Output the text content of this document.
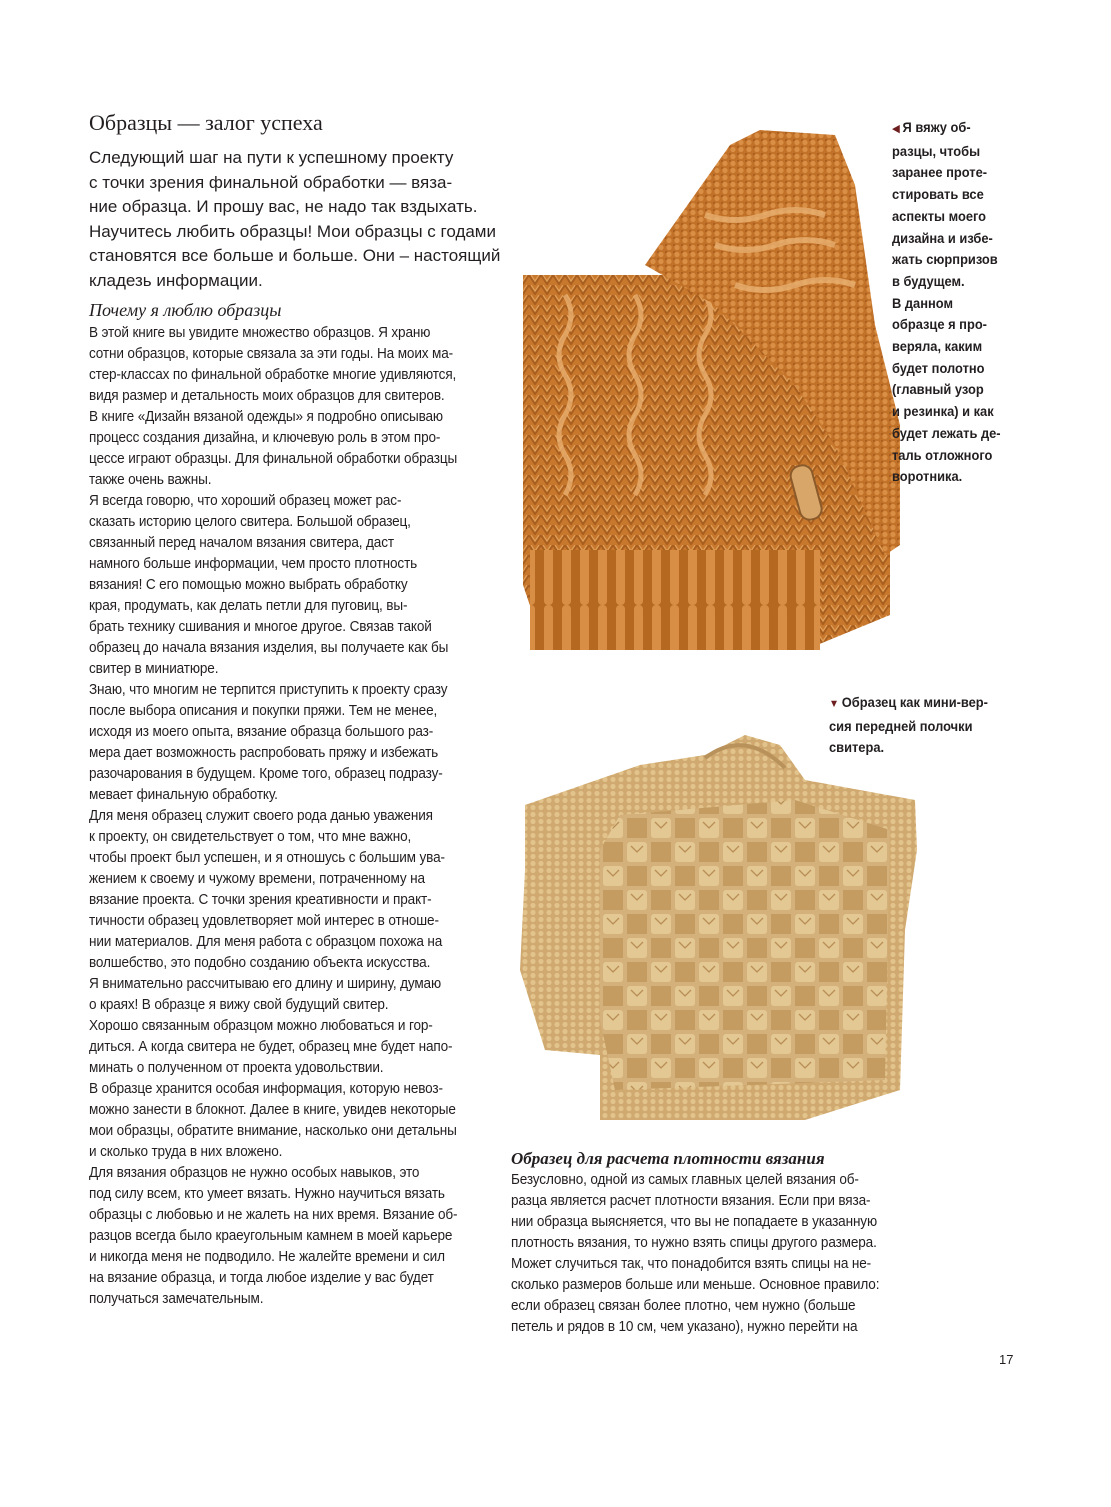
Образцы — залог успеха
Следующий шаг на пути к успешному проекту
с точки зрения финальной обработки — вяза-
ние образца. И прошу вас, не надо так вздыхать.
Научитесь любить образцы! Мои образцы с годами
становятся все больше и больше. Они – настоящий
кладезь информации.
Почему я люблю образцы
В этой книге вы увидите множество образцов. Я храню
сотни образцов, которые связала за эти годы. На моих ма-
стер-классах по финальной обработке многие удивляются,
видя размер и детальность моих образцов для свитеров.
В книге «Дизайн вязаной одежды» я подробно описываю
процесс создания дизайна, и ключевую роль в этом про-
цессе играют образцы. Для финальной обработки образцы
также очень важны.
Я всегда говорю, что хороший образец может рас-
сказать историю целого свитера. Большой образец,
связанный перед началом вязания свитера, даст
намного больше информации, чем просто плотность
вязания! С его помощью можно выбрать обработку
края, продумать, как делать петли для пуговиц, вы-
брать технику сшивания и многое другое. Связав такой
образец до начала вязания изделия, вы получаете как бы
свитер в миниатюре.
Знаю, что многим не терпится приступить к проекту сразу
после выбора описания и покупки пряжи. Тем не менее,
исходя из моего опыта, вязание образца большого раз-
мера дает возможность распробовать пряжу и избежать
разочарования в будущем. Кроме того, образец подразу-
мевает финальную обработку.
Для меня образец служит своего рода данью уважения
к проекту, он свидетельствует о том, что мне важно,
чтобы проект был успешен, и я отношусь с большим ува-
жением к своему и чужому времени, потраченному на
вязание проекта. С точки зрения креативности и практ-
тичности образец удовлетворяет мой интерес в отноше-
нии материалов. Для меня работа с образцом похожа на
волшебство, это подобно созданию объекта искусства.
Я внимательно рассчитываю его длину и ширину, думаю
о краях! В образце я вижу свой будущий свитер.
Хорошо связанным образцом можно любоваться и гор-
диться. А когда свитера не будет, образец мне будет напо-
минать о полученном от проекта удовольствии.
В образце хранится особая информация, которую невоз-
можно занести в блокнот. Далее в книге, увидев некоторые
мои образцы, обратите внимание, насколько они детальны
и сколько труда в них вложено.
Для вязания образцов не нужно особых навыков, это
под силу всем, кто умеет вязать. Нужно научиться вязать
образцы с любовью и не жалеть на них время. Вязание об-
разцов всегда было краеугольным камнем в моей карьере
и никогда меня не подводило. Не жалейте времени и сил
на вязание образца, и тогда любое изделие у вас будет
получаться замечательным.
◀ Я вяжу об-
разцы, чтобы
заранее проте-
стировать все
аспекты моего
дизайна и избе-
жать сюрпризов
в будущем.
В данном
образце я про-
веряла, каким
будет полотно
(главный узор
и резинка) и как
будет лежать де-
таль отложного
воротника.
▼ Образец как мини-вер-
сия передней полочки
свитера.
Образец для расчета плотности вязания
Безусловно, одной из самых главных целей вязания об-
разца является расчет плотности вязания. Если при вяза-
нии образца выясняется, что вы не попадаете в указанную
плотность вязания, то нужно взять спицы другого размера.
Может случиться так, что понадобится взять спицы на не-
сколько размеров больше или меньше. Основное правило:
если образец связан более плотно, чем нужно (больше
петель и рядов в 10 см, чем указано), нужно перейти на
17
